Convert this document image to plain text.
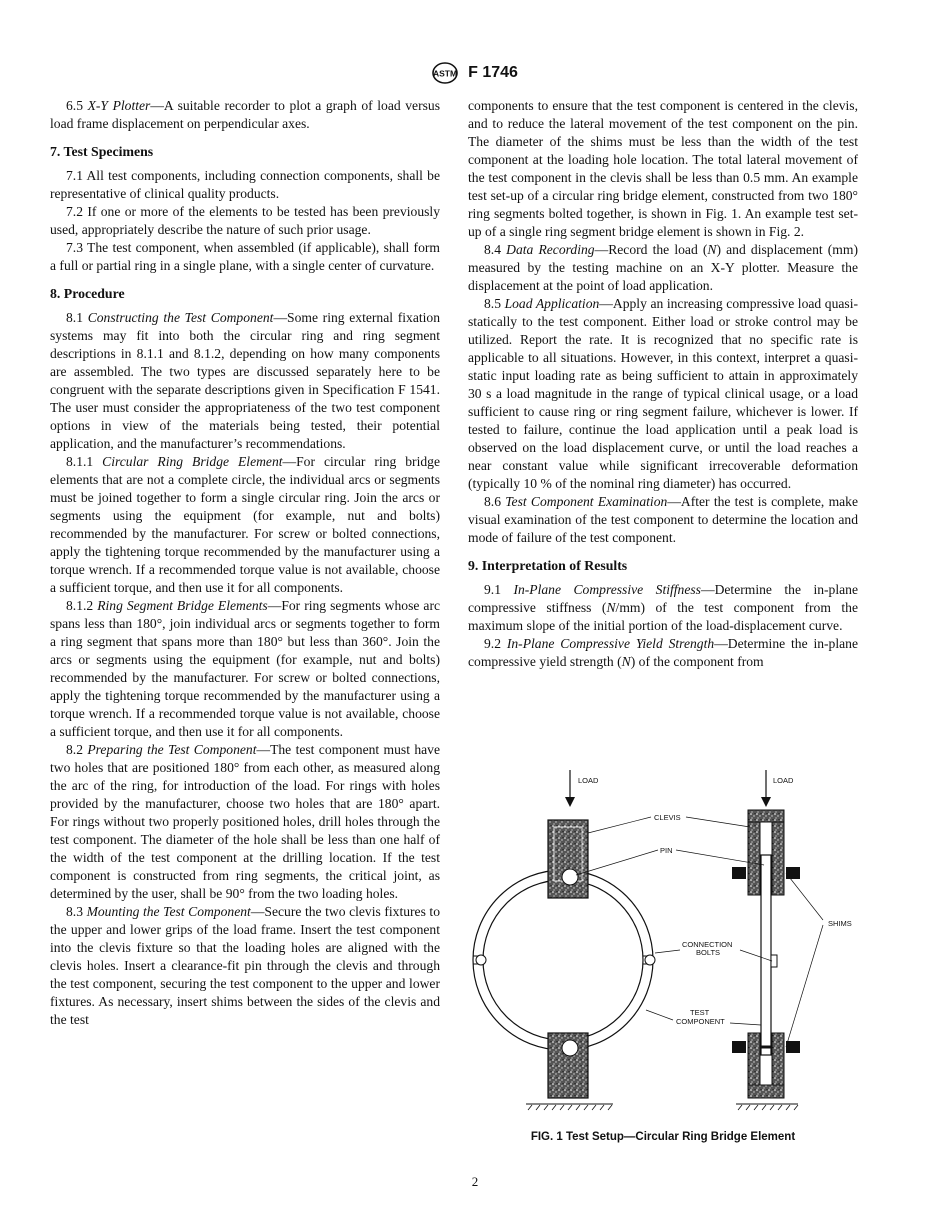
ASTM F 1746

6.5 X-Y Plotter—A suitable recorder to plot a graph of load versus load frame displacement on perpendicular axes.

7. Test Specimens

7.1 All test components, including connection components, shall be representative of clinical quality products.

7.2 If one or more of the elements to be tested has been previously used, appropriately describe the nature of such prior usage.

7.3 The test component, when assembled (if applicable), shall form a full or partial ring in a single plane, with a single center of curvature.

8. Procedure

8.1 Constructing the Test Component—Some ring external fixation systems may fit into both the circular ring and ring segment descriptions in 8.1.1 and 8.1.2, depending on how many components are assembled. The two types are discussed separately here to be congruent with the separate descriptions given in Specification F 1541. The user must consider the appropriateness of the two test component options in view of the materials being tested, their potential application, and the manufacturer’s recommendations.

8.1.1 Circular Ring Bridge Element—For circular ring bridge elements that are not a complete circle, the individual arcs or segments must be joined together to form a single circular ring. Join the arcs or segments using the equipment (for example, nut and bolts) recommended by the manufacturer. For screw or bolted connections, apply the tightening torque recommended by the manufacturer using a torque wrench. If a recommended torque value is not available, choose a sufficient torque, and then use it for all components.

8.1.2 Ring Segment Bridge Elements—For ring segments whose arc spans less than 180°, join individual arcs or segments together to form a ring segment that spans more than 180° but less than 360°. Join the arcs or segments using the equipment (for example, nut and bolts) recommended by the manufacturer. For screw or bolted connections, apply the tightening torque recommended by the manufacturer using a torque wrench. If a recommended torque value is not available, choose a sufficient torque, and then use it for all components.

8.2 Preparing the Test Component—The test component must have two holes that are positioned 180° from each other, as measured along the arc of the ring, for introduction of the load. For rings with holes provided by the manufacturer, choose two holes that are 180° apart. For rings without two properly positioned holes, drill holes through the test component. The diameter of the hole shall be less than one half of the width of the test component at the drilling location. If the test component is constructed from ring segments, the critical joint, as determined by the user, shall be 90° from the two loading holes.

8.3 Mounting the Test Component—Secure the two clevis fixtures to the upper and lower grips of the load frame. Insert the test component into the clevis fixture so that the loading holes are aligned with the clevis holes. Insert a clearance-fit pin through the clevis and through the test component, securing the test component to the upper and lower fixtures. As necessary, insert shims between the sides of the clevis and the test

components to ensure that the test component is centered in the clevis, and to reduce the lateral movement of the test component on the pin. The diameter of the shims must be less than the width of the test component at the loading hole location. The total lateral movement of the test component in the clevis shall be less than 0.5 mm. An example test set-up of a circular ring bridge element, constructed from two 180° ring segments bolted together, is shown in Fig. 1. An example test set-up of a single ring segment bridge element is shown in Fig. 2.

8.4 Data Recording—Record the load (N) and displacement (mm) measured by the testing machine on an X-Y plotter. Measure the displacement at the point of load application.

8.5 Load Application—Apply an increasing compressive load quasi-statically to the test component. Either load or stroke control may be utilized. Report the rate. It is recognized that no specific rate is applicable to all situations. However, in this context, interpret a quasi-static input loading rate as being sufficient to attain in approximately 30 s a load magnitude in the range of typical clinical usage, or a load sufficient to cause ring or ring segment failure, whichever is lower. If tested to failure, continue the load application until a peak load is observed on the load displacement curve, or until the load reaches a near constant value while significant irrecoverable deformation (typically 10 % of the nominal ring diameter) has occurred.

8.6 Test Component Examination—After the test is complete, make visual examination of the test component to determine the location and mode of failure of the test component.

9. Interpretation of Results

9.1 In-Plane Compressive Stiffness—Determine the in-plane compressive stiffness (N/mm) of the test component from the maximum slope of the initial portion of the load-displacement curve.

9.2 In-Plane Compressive Yield Strength—Determine the in-plane compressive yield strength (N) of the component from

LOAD	LOAD
CLEVIS
PIN
SHIMS
CONNECTION
BOLTS
TEST
COMPONENT
FIG. 1 Test Setup—Circular Ring Bridge Element
2
